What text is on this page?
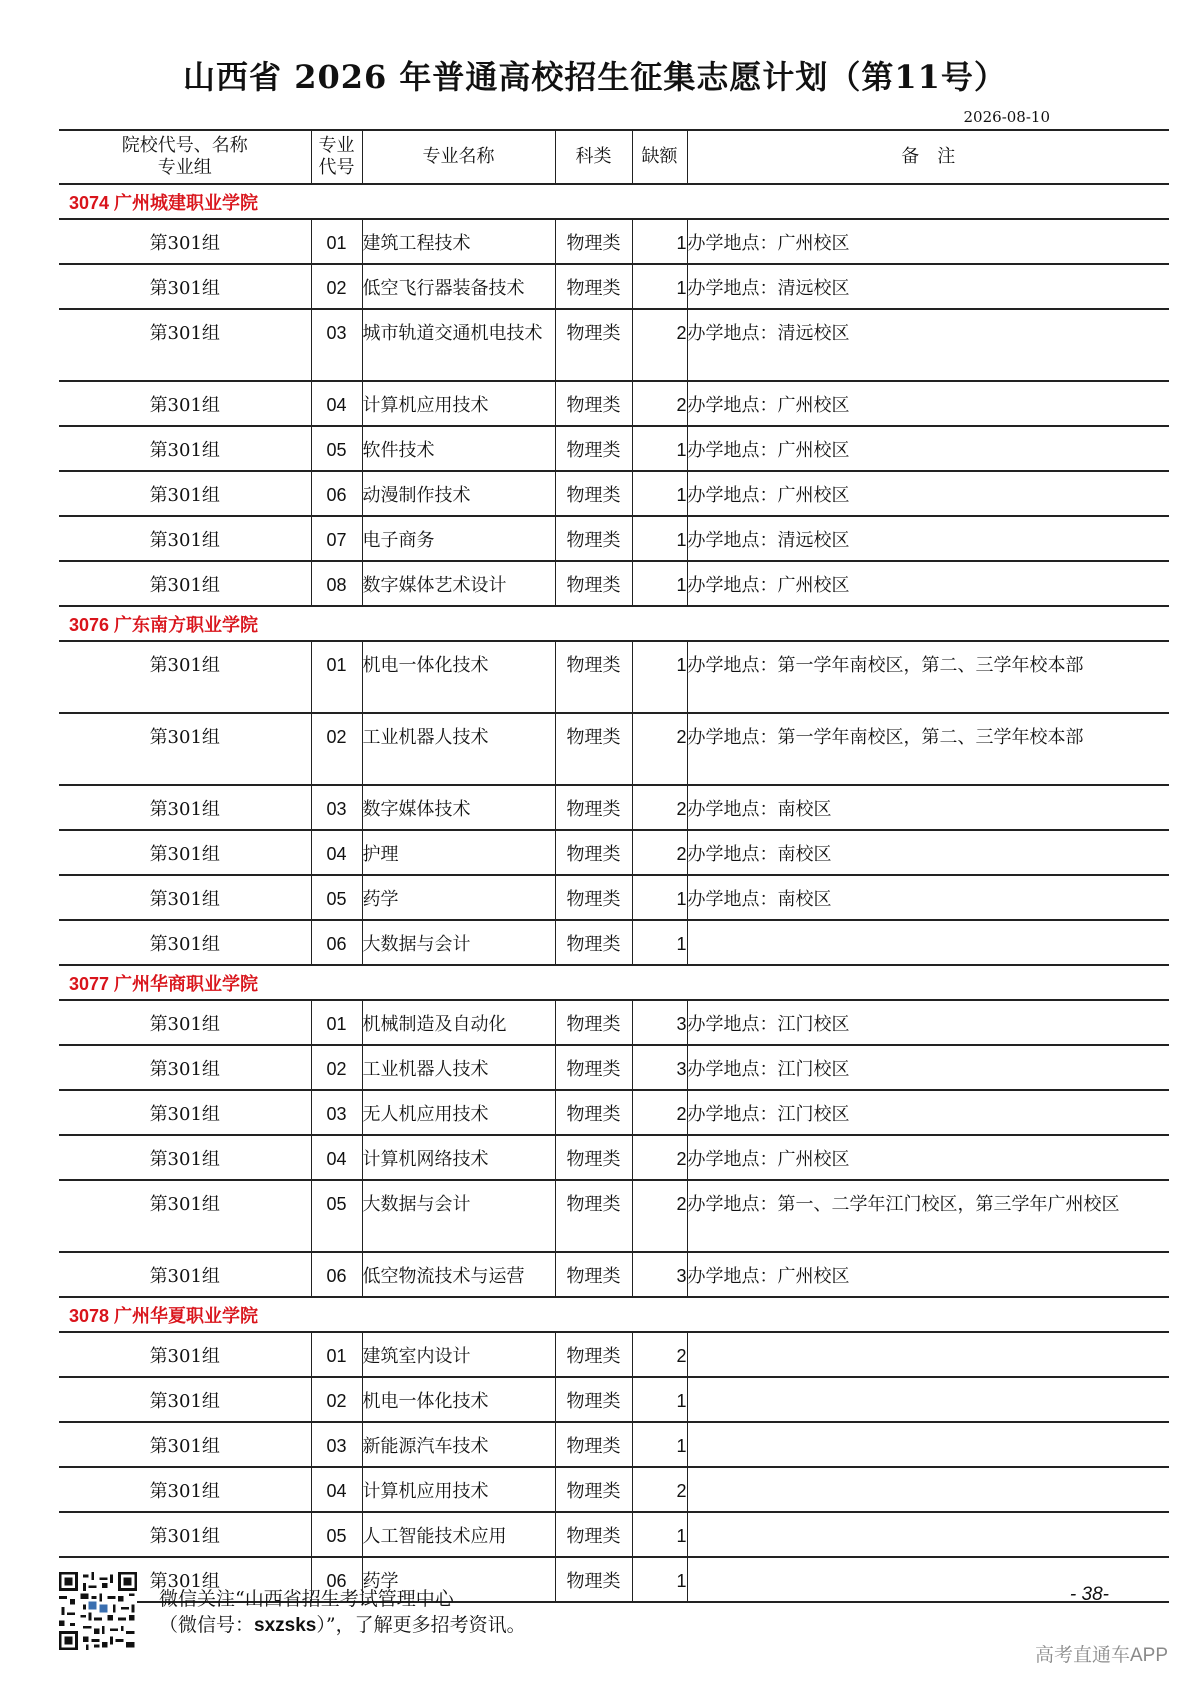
山西省 2026 年普通高校招生征集志愿计划（第11号）
2026-08-10
院校代号、名称
专业组	专业
代号	专业名称	科类	缺额	备　注
3074 广州城建职业学院					
第301组	01	建筑工程技术	物理类	1	办学地点：广州校区
第301组	02	低空飞行器装备技术	物理类	1	办学地点：清远校区
第301组	03	城市轨道交通机电技术	物理类	2	办学地点：清远校区
第301组	04	计算机应用技术	物理类	2	办学地点：广州校区
第301组	05	软件技术	物理类	1	办学地点：广州校区
第301组	06	动漫制作技术	物理类	1	办学地点：广州校区
第301组	07	电子商务	物理类	1	办学地点：清远校区
第301组	08	数字媒体艺术设计	物理类	1	办学地点：广州校区
3076 广东南方职业学院					
第301组	01	机电一体化技术	物理类	1	办学地点：第一学年南校区，第二、三学年校本部
第301组	02	工业机器人技术	物理类	2	办学地点：第一学年南校区，第二、三学年校本部
第301组	03	数字媒体技术	物理类	2	办学地点：南校区
第301组	04	护理	物理类	2	办学地点：南校区
第301组	05	药学	物理类	1	办学地点：南校区
第301组	06	大数据与会计	物理类	1	
3077 广州华商职业学院					
第301组	01	机械制造及自动化	物理类	3	办学地点：江门校区
第301组	02	工业机器人技术	物理类	3	办学地点：江门校区
第301组	03	无人机应用技术	物理类	2	办学地点：江门校区
第301组	04	计算机网络技术	物理类	2	办学地点：广州校区
第301组	05	大数据与会计	物理类	2	办学地点：第一、二学年江门校区，第三学年广州校区
第301组	06	低空物流技术与运营	物理类	3	办学地点：广州校区
3078 广州华夏职业学院					
第301组	01	建筑室内设计	物理类	2	
第301组	02	机电一体化技术	物理类	1	
第301组	03	新能源汽车技术	物理类	1	
第301组	04	计算机应用技术	物理类	2	
第301组	05	人工智能技术应用	物理类	1	
第301组	06	药学	物理类	1	
微信关注“山西省招生考试管理中心
（微信号：sxzsks）”，了解更多招考资讯。
- 38-
高考直通车APP
